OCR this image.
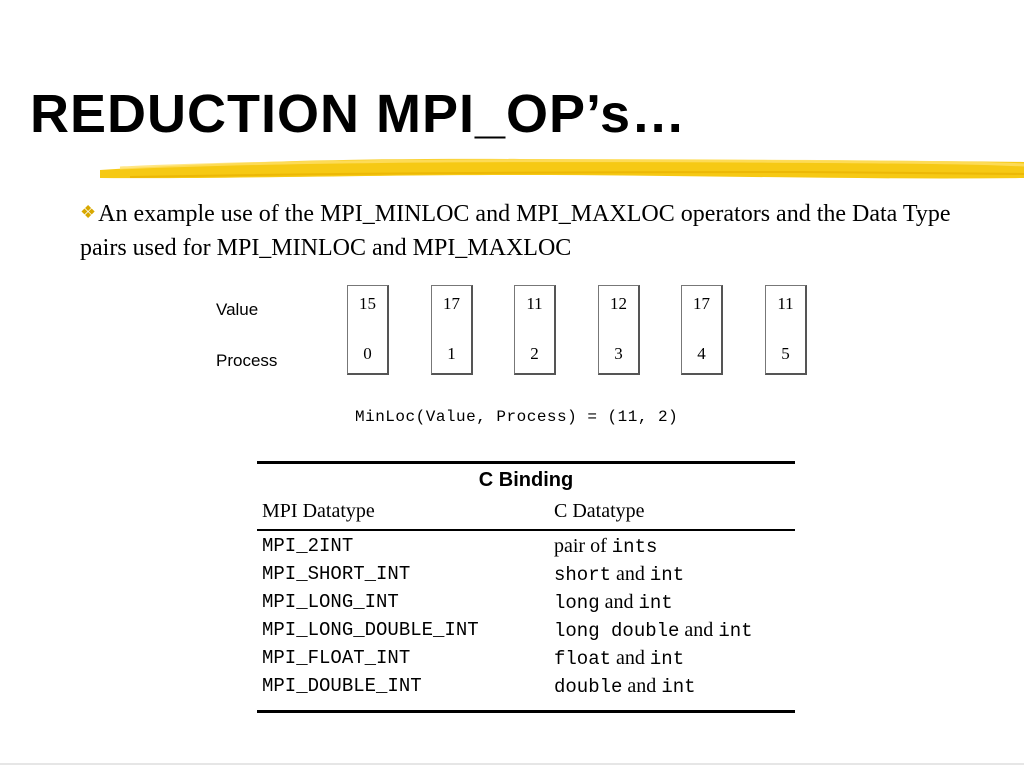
REDUCTION MPI_OP’s…
❖An example use of the MPI_MINLOC and MPI_MAXLOC operators and the Data Type pairs used for MPI_MINLOC and MPI_MAXLOC
Value
Process
15
0
17
1
11
2
12
3
17
4
11
5
MinLoc(Value, Process) = (11, 2)
C Binding
MPI Datatype	C Datatype
MPI_2INT	pair of ints
MPI_SHORT_INT	short and int
MPI_LONG_INT	long and int
MPI_LONG_DOUBLE_INT	long double and int
MPI_FLOAT_INT	float and int
MPI_DOUBLE_INT	double and int
